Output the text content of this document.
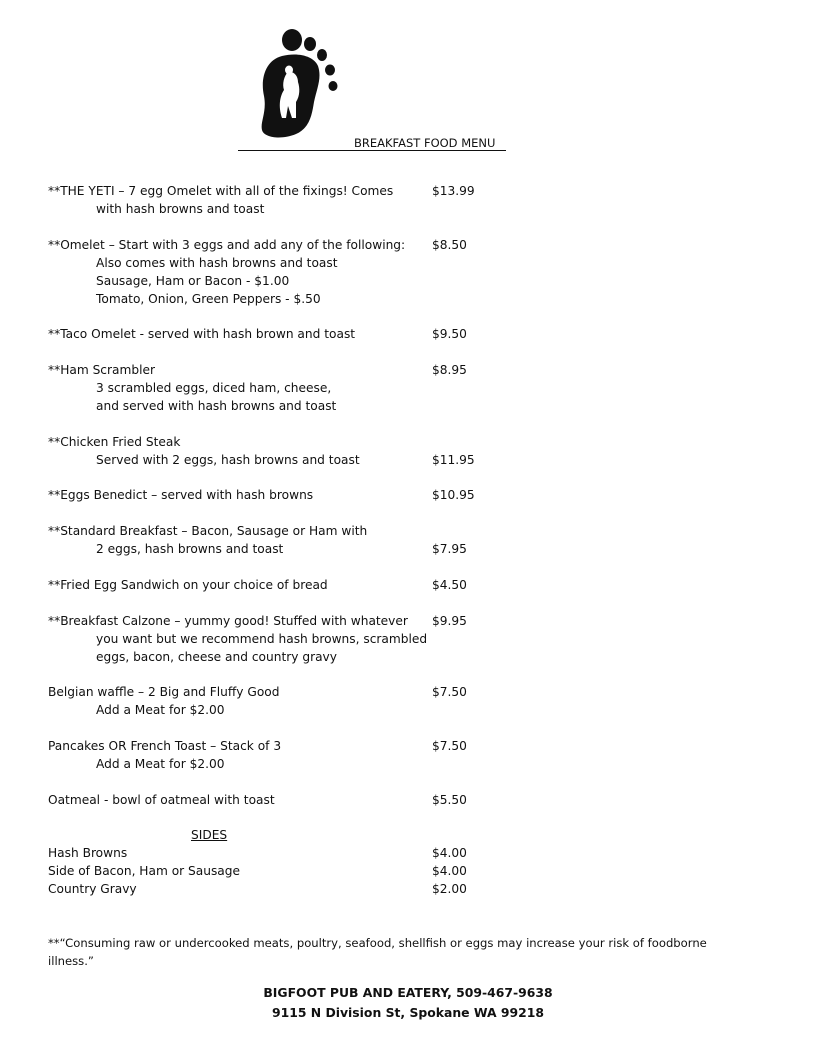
BREAKFAST FOOD MENU
**THE YETI – 7 egg Omelet with all of the fixings! Comes
with hash browns and toast
$13.99
**Omelet – Start with 3 eggs and add any of the following:
Also comes with hash browns and toast
Sausage, Ham or Bacon - $1.00
Tomato, Onion, Green Peppers - $.50
$8.50
**Taco Omelet - served with hash brown and toast	$9.50
**Ham Scrambler
3 scrambled eggs, diced ham, cheese,
and served with hash browns and toast
$8.95
**Chicken Fried Steak
Served with 2 eggs, hash browns and toast	$11.95
**Eggs Benedict – served with hash browns	$10.95
**Standard Breakfast – Bacon, Sausage or Ham with
2 eggs, hash browns and toast	$7.95
**Fried Egg Sandwich on your choice of bread	$4.50
**Breakfast Calzone – yummy good! Stuffed with whatever
you want but we recommend hash browns, scrambled
eggs, bacon, cheese and country gravy
$9.95
Belgian waffle – 2 Big and Fluffy Good
Add a Meat for $2.00
$7.50
Pancakes OR French Toast – Stack of 3
Add a Meat for $2.00
$7.50
Oatmeal - bowl of oatmeal with toast	$5.50
SIDES
Hash Browns	$4.00
Side of Bacon, Ham or Sausage	$4.00
Country Gravy	$2.00
**“Consuming raw or undercooked meats, poultry, seafood, shellfish or eggs may increase your risk of foodborne
illness.”
BIGFOOT PUB AND EATERY, 509-467-9638
9115 N Division St, Spokane WA 99218
